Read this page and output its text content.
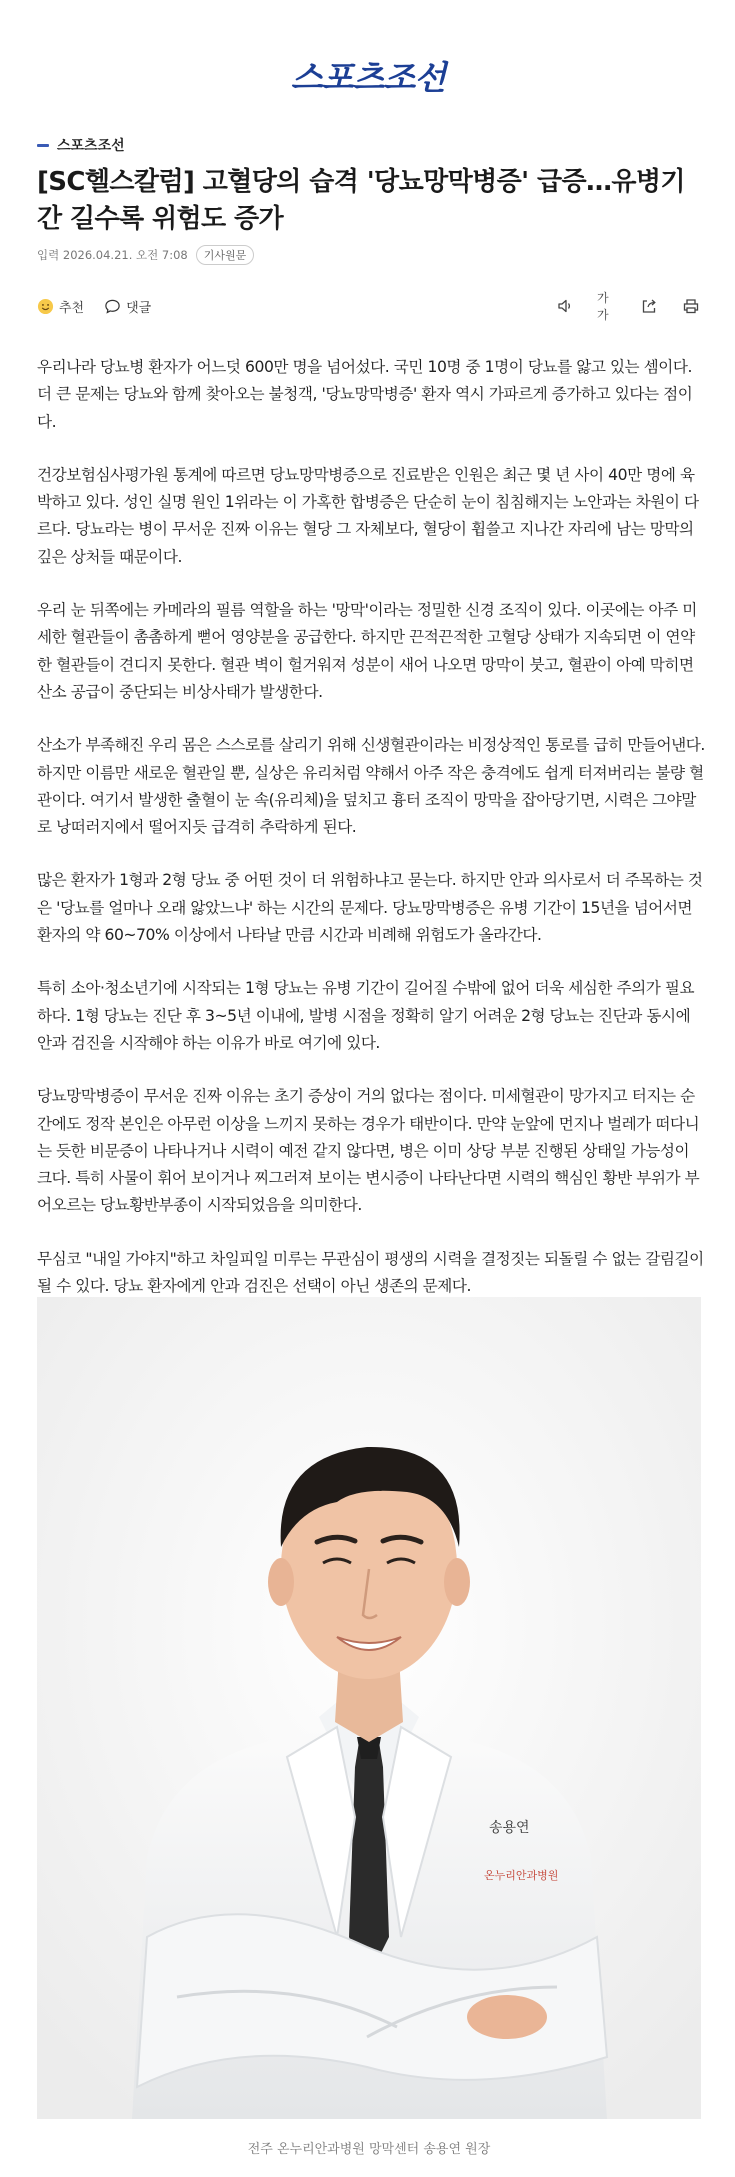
스포츠조선
스포츠조선
[SC헬스칼럼] 고혈당의 습격 '당뇨망막병증' 급증…유병기간 길수록 위험도 증가
입력 2026.04.21. 오전 7:08	기사원문
추천	댓글
가가

우리나라 당뇨병 환자가 어느덧 600만 명을 넘어섰다. 국민 10명 중 1명이 당뇨를 앓고 있는 셈이다. 더 큰 문제는 당뇨와 함께 찾아오는 불청객, '당뇨망막병증' 환자 역시 가파르게 증가하고 있다는 점이다.

건강보험심사평가원 통계에 따르면 당뇨망막병증으로 진료받은 인원은 최근 몇 년 사이 40만 명에 육박하고 있다. 성인 실명 원인 1위라는 이 가혹한 합병증은 단순히 눈이 침침해지는 노안과는 차원이 다르다. 당뇨라는 병이 무서운 진짜 이유는 혈당 그 자체보다, 혈당이 휩쓸고 지나간 자리에 남는 망막의 깊은 상처들 때문이다.

우리 눈 뒤쪽에는 카메라의 필름 역할을 하는 '망막'이라는 정밀한 신경 조직이 있다. 이곳에는 아주 미세한 혈관들이 촘촘하게 뻗어 영양분을 공급한다. 하지만 끈적끈적한 고혈당 상태가 지속되면 이 연약한 혈관들이 견디지 못한다. 혈관 벽이 헐거워져 성분이 새어 나오면 망막이 붓고, 혈관이 아예 막히면 산소 공급이 중단되는 비상사태가 발생한다.

산소가 부족해진 우리 몸은 스스로를 살리기 위해 신생혈관이라는 비정상적인 통로를 급히 만들어낸다. 하지만 이름만 새로운 혈관일 뿐, 실상은 유리처럼 약해서 아주 작은 충격에도 쉽게 터져버리는 불량 혈관이다. 여기서 발생한 출혈이 눈 속(유리체)을 덮치고 흉터 조직이 망막을 잡아당기면, 시력은 그야말로 낭떠러지에서 떨어지듯 급격히 추락하게 된다.

많은 환자가 1형과 2형 당뇨 중 어떤 것이 더 위험하냐고 묻는다. 하지만 안과 의사로서 더 주목하는 것은 '당뇨를 얼마나 오래 앓았느냐' 하는 시간의 문제다. 당뇨망막병증은 유병 기간이 15년을 넘어서면 환자의 약 60~70% 이상에서 나타날 만큼 시간과 비례해 위험도가 올라간다.

특히 소아·청소년기에 시작되는 1형 당뇨는 유병 기간이 길어질 수밖에 없어 더욱 세심한 주의가 필요하다. 1형 당뇨는 진단 후 3~5년 이내에, 발병 시점을 정확히 알기 어려운 2형 당뇨는 진단과 동시에 안과 검진을 시작해야 하는 이유가 바로 여기에 있다.

당뇨망막병증이 무서운 진짜 이유는 초기 증상이 거의 없다는 점이다. 미세혈관이 망가지고 터지는 순간에도 정작 본인은 아무런 이상을 느끼지 못하는 경우가 태반이다. 만약 눈앞에 먼지나 벌레가 떠다니는 듯한 비문증이 나타나거나 시력이 예전 같지 않다면, 병은 이미 상당 부분 진행된 상태일 가능성이 크다. 특히 사물이 휘어 보이거나 찌그러져 보이는 변시증이 나타난다면 시력의 핵심인 황반 부위가 부어오르는 당뇨황반부종이 시작되었음을 의미한다.

무심코 "내일 가야지"하고 차일피일 미루는 무관심이 평생의 시력을 결정짓는 되돌릴 수 없는 갈림길이 될 수 있다. 당뇨 환자에게 안과 검진은 선택이 아닌 생존의 문제다.

송용연
온누리안과병원
전주 온누리안과병원 망막센터 송용연 원장
